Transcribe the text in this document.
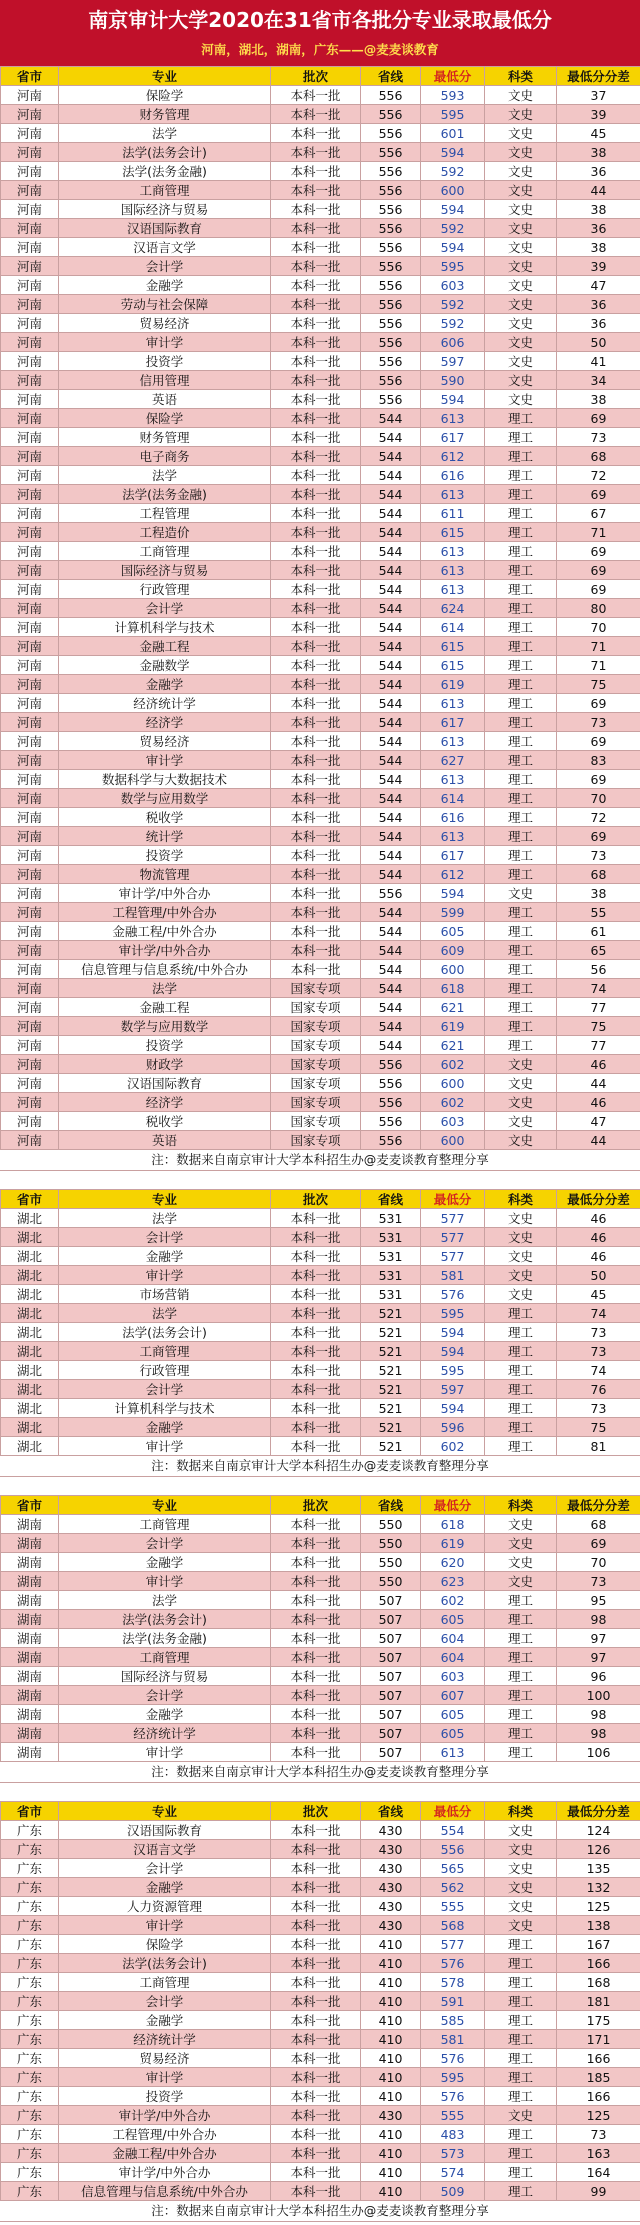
南京审计大学2020在31省市各批分专业录取最低分
河南，湖北，湖南，广东——@麦麦谈教育
省市	专业	批次	省线	最低分	科类	最低分分差
河南	保险学	本科一批	556	593	文史	37
河南	财务管理	本科一批	556	595	文史	39
河南	法学	本科一批	556	601	文史	45
河南	法学(法务会计)	本科一批	556	594	文史	38
河南	法学(法务金融)	本科一批	556	592	文史	36
河南	工商管理	本科一批	556	600	文史	44
河南	国际经济与贸易	本科一批	556	594	文史	38
河南	汉语国际教育	本科一批	556	592	文史	36
河南	汉语言文学	本科一批	556	594	文史	38
河南	会计学	本科一批	556	595	文史	39
河南	金融学	本科一批	556	603	文史	47
河南	劳动与社会保障	本科一批	556	592	文史	36
河南	贸易经济	本科一批	556	592	文史	36
河南	审计学	本科一批	556	606	文史	50
河南	投资学	本科一批	556	597	文史	41
河南	信用管理	本科一批	556	590	文史	34
河南	英语	本科一批	556	594	文史	38
河南	保险学	本科一批	544	613	理工	69
河南	财务管理	本科一批	544	617	理工	73
河南	电子商务	本科一批	544	612	理工	68
河南	法学	本科一批	544	616	理工	72
河南	法学(法务金融)	本科一批	544	613	理工	69
河南	工程管理	本科一批	544	611	理工	67
河南	工程造价	本科一批	544	615	理工	71
河南	工商管理	本科一批	544	613	理工	69
河南	国际经济与贸易	本科一批	544	613	理工	69
河南	行政管理	本科一批	544	613	理工	69
河南	会计学	本科一批	544	624	理工	80
河南	计算机科学与技术	本科一批	544	614	理工	70
河南	金融工程	本科一批	544	615	理工	71
河南	金融数学	本科一批	544	615	理工	71
河南	金融学	本科一批	544	619	理工	75
河南	经济统计学	本科一批	544	613	理工	69
河南	经济学	本科一批	544	617	理工	73
河南	贸易经济	本科一批	544	613	理工	69
河南	审计学	本科一批	544	627	理工	83
河南	数据科学与大数据技术	本科一批	544	613	理工	69
河南	数学与应用数学	本科一批	544	614	理工	70
河南	税收学	本科一批	544	616	理工	72
河南	统计学	本科一批	544	613	理工	69
河南	投资学	本科一批	544	617	理工	73
河南	物流管理	本科一批	544	612	理工	68
河南	审计学/中外合办	本科一批	556	594	文史	38
河南	工程管理/中外合办	本科一批	544	599	理工	55
河南	金融工程/中外合办	本科一批	544	605	理工	61
河南	审计学/中外合办	本科一批	544	609	理工	65
河南	信息管理与信息系统/中外合办	本科一批	544	600	理工	56
河南	法学	国家专项	544	618	理工	74
河南	金融工程	国家专项	544	621	理工	77
河南	数学与应用数学	国家专项	544	619	理工	75
河南	投资学	国家专项	544	621	理工	77
河南	财政学	国家专项	556	602	文史	46
河南	汉语国际教育	国家专项	556	600	文史	44
河南	经济学	国家专项	556	602	文史	46
河南	税收学	国家专项	556	603	文史	47
河南	英语	国家专项	556	600	文史	44
注：数据来自南京审计大学本科招生办@麦麦谈教育整理分享
省市	专业	批次	省线	最低分	科类	最低分分差
湖北	法学	本科一批	531	577	文史	46
湖北	会计学	本科一批	531	577	文史	46
湖北	金融学	本科一批	531	577	文史	46
湖北	审计学	本科一批	531	581	文史	50
湖北	市场营销	本科一批	531	576	文史	45
湖北	法学	本科一批	521	595	理工	74
湖北	法学(法务会计)	本科一批	521	594	理工	73
湖北	工商管理	本科一批	521	594	理工	73
湖北	行政管理	本科一批	521	595	理工	74
湖北	会计学	本科一批	521	597	理工	76
湖北	计算机科学与技术	本科一批	521	594	理工	73
湖北	金融学	本科一批	521	596	理工	75
湖北	审计学	本科一批	521	602	理工	81
注：数据来自南京审计大学本科招生办@麦麦谈教育整理分享
省市	专业	批次	省线	最低分	科类	最低分分差
湖南	工商管理	本科一批	550	618	文史	68
湖南	会计学	本科一批	550	619	文史	69
湖南	金融学	本科一批	550	620	文史	70
湖南	审计学	本科一批	550	623	文史	73
湖南	法学	本科一批	507	602	理工	95
湖南	法学(法务会计)	本科一批	507	605	理工	98
湖南	法学(法务金融)	本科一批	507	604	理工	97
湖南	工商管理	本科一批	507	604	理工	97
湖南	国际经济与贸易	本科一批	507	603	理工	96
湖南	会计学	本科一批	507	607	理工	100
湖南	金融学	本科一批	507	605	理工	98
湖南	经济统计学	本科一批	507	605	理工	98
湖南	审计学	本科一批	507	613	理工	106
注：数据来自南京审计大学本科招生办@麦麦谈教育整理分享
省市	专业	批次	省线	最低分	科类	最低分分差
广东	汉语国际教育	本科一批	430	554	文史	124
广东	汉语言文学	本科一批	430	556	文史	126
广东	会计学	本科一批	430	565	文史	135
广东	金融学	本科一批	430	562	文史	132
广东	人力资源管理	本科一批	430	555	文史	125
广东	审计学	本科一批	430	568	文史	138
广东	保险学	本科一批	410	577	理工	167
广东	法学(法务会计)	本科一批	410	576	理工	166
广东	工商管理	本科一批	410	578	理工	168
广东	会计学	本科一批	410	591	理工	181
广东	金融学	本科一批	410	585	理工	175
广东	经济统计学	本科一批	410	581	理工	171
广东	贸易经济	本科一批	410	576	理工	166
广东	审计学	本科一批	410	595	理工	185
广东	投资学	本科一批	410	576	理工	166
广东	审计学/中外合办	本科一批	430	555	文史	125
广东	工程管理/中外合办	本科一批	410	483	理工	73
广东	金融工程/中外合办	本科一批	410	573	理工	163
广东	审计学/中外合办	本科一批	410	574	理工	164
广东	信息管理与信息系统/中外合办	本科一批	410	509	理工	99
注：数据来自南京审计大学本科招生办@麦麦谈教育整理分享
